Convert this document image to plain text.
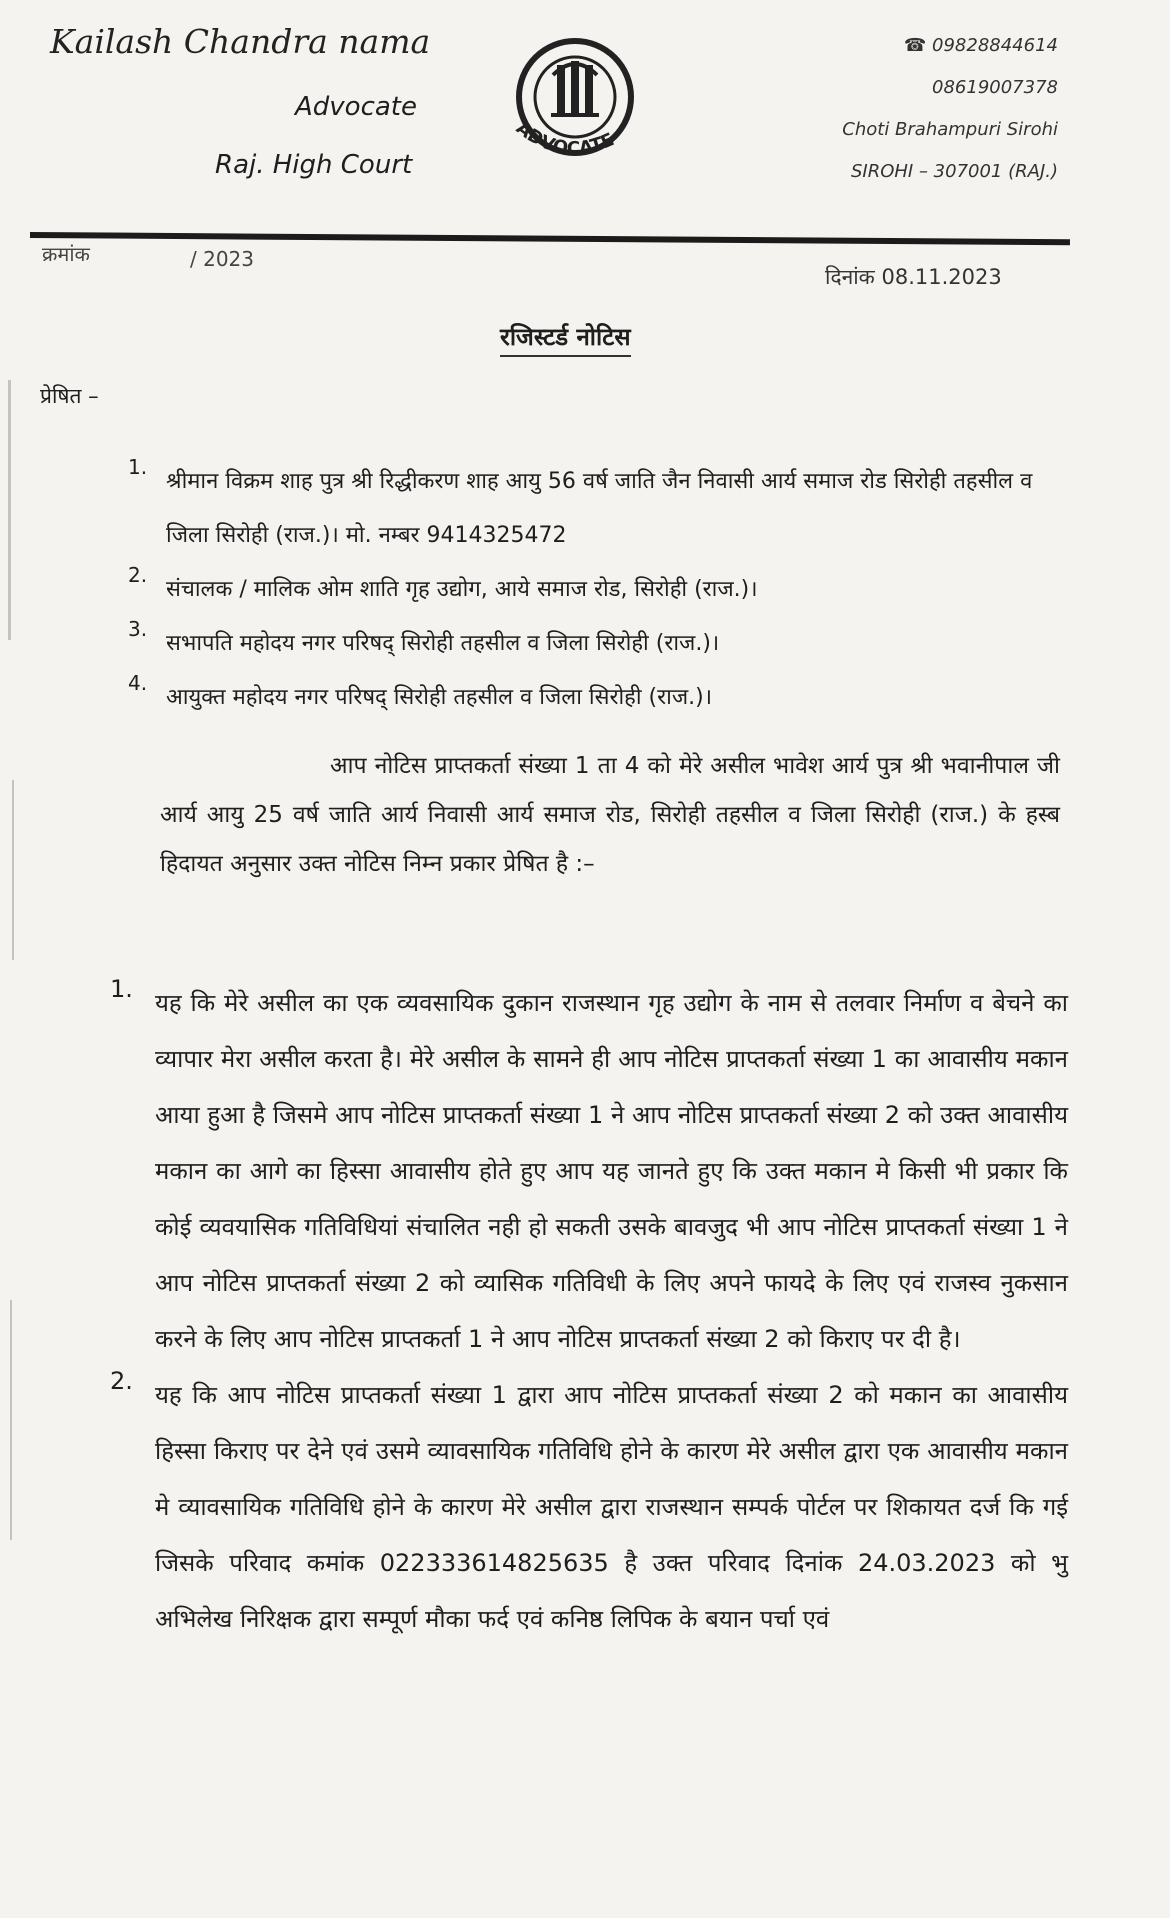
Kailash Chandra nama
Advocate
Raj. High Court
ADVOCATE
☎ 09828844614
08619007378
Choti Brahampuri Sirohi
SIROHI – 307001 (RAJ.)
क्रमांक	/ 2023
दिनांक 08.11.2023
रजिस्टर्ड नोटिस
प्रेषित –
1.
श्रीमान विक्रम शाह पुत्र श्री रिद्धीकरण शाह आयु 56 वर्ष जाति जैन निवासी आर्य समाज रोड सिरोही तहसील व जिला सिरोही (राज.)। मो. नम्बर 9414325472
2.
संचालक / मालिक ओम शाति गृह उद्योग, आये समाज रोड, सिरोही (राज.)।
3.
सभापति महोदय नगर परिषद् सिरोही तहसील व जिला सिरोही (राज.)।
4.
आयुक्त महोदय नगर परिषद् सिरोही तहसील व जिला सिरोही (राज.)।
आप नोटिस प्राप्तकर्ता संख्या 1 ता 4 को मेरे असील भावेश आर्य पुत्र श्री भवानीपाल जी आर्य आयु 25 वर्ष जाति आर्य निवासी आर्य समाज रोड, सिरोही तहसील व जिला सिरोही (राज.) के हस्ब हिदायत अनुसार उक्त नोटिस निम्न प्रकार प्रेषित है :–
1. यह कि मेरे असील का एक व्यवसायिक दुकान राजस्थान गृह उद्योग के नाम से तलवार निर्माण व बेचने का व्यापार मेरा असील करता है। मेरे असील के सामने ही आप नोटिस प्राप्तकर्ता संख्या 1 का आवासीय मकान आया हुआ है जिसमे आप नोटिस प्राप्तकर्ता संख्या 1 ने आप नोटिस प्राप्तकर्ता संख्या 2 को उक्त आवासीय मकान का आगे का हिस्सा आवासीय होते हुए आप यह जानते हुए कि उक्त मकान मे किसी भी प्रकार कि कोई व्यवयासिक गतिविधियां संचालित नही हो सकती उसके बावजुद भी आप नोटिस प्राप्तकर्ता संख्या 1 ने आप नोटिस प्राप्तकर्ता संख्या 2 को व्यासिक गतिविधी के लिए अपने फायदे के लिए एवं राजस्व नुकसान करने के लिए आप नोटिस प्राप्तकर्ता 1 ने आप नोटिस प्राप्तकर्ता संख्या 2 को किराए पर दी है।
2. यह कि आप नोटिस प्राप्तकर्ता संख्या 1 द्वारा आप नोटिस प्राप्तकर्ता संख्या 2 को मकान का आवासीय हिस्सा किराए पर देने एवं उसमे व्यावसायिक गतिविधि होने के कारण मेरे असील द्वारा एक आवासीय मकान मे व्यावसायिक गतिविधि होने के कारण मेरे असील द्वारा राजस्थान सम्पर्क पोर्टल पर शिकायत दर्ज कि गई जिसके परिवाद कमांक 022333614825635 है उक्त परिवाद दिनांक 24.03.2023 को भु अभिलेख निरिक्षक द्वारा सम्पूर्ण मौका फर्द एवं कनिष्ठ लिपिक के बयान पर्चा एवं
